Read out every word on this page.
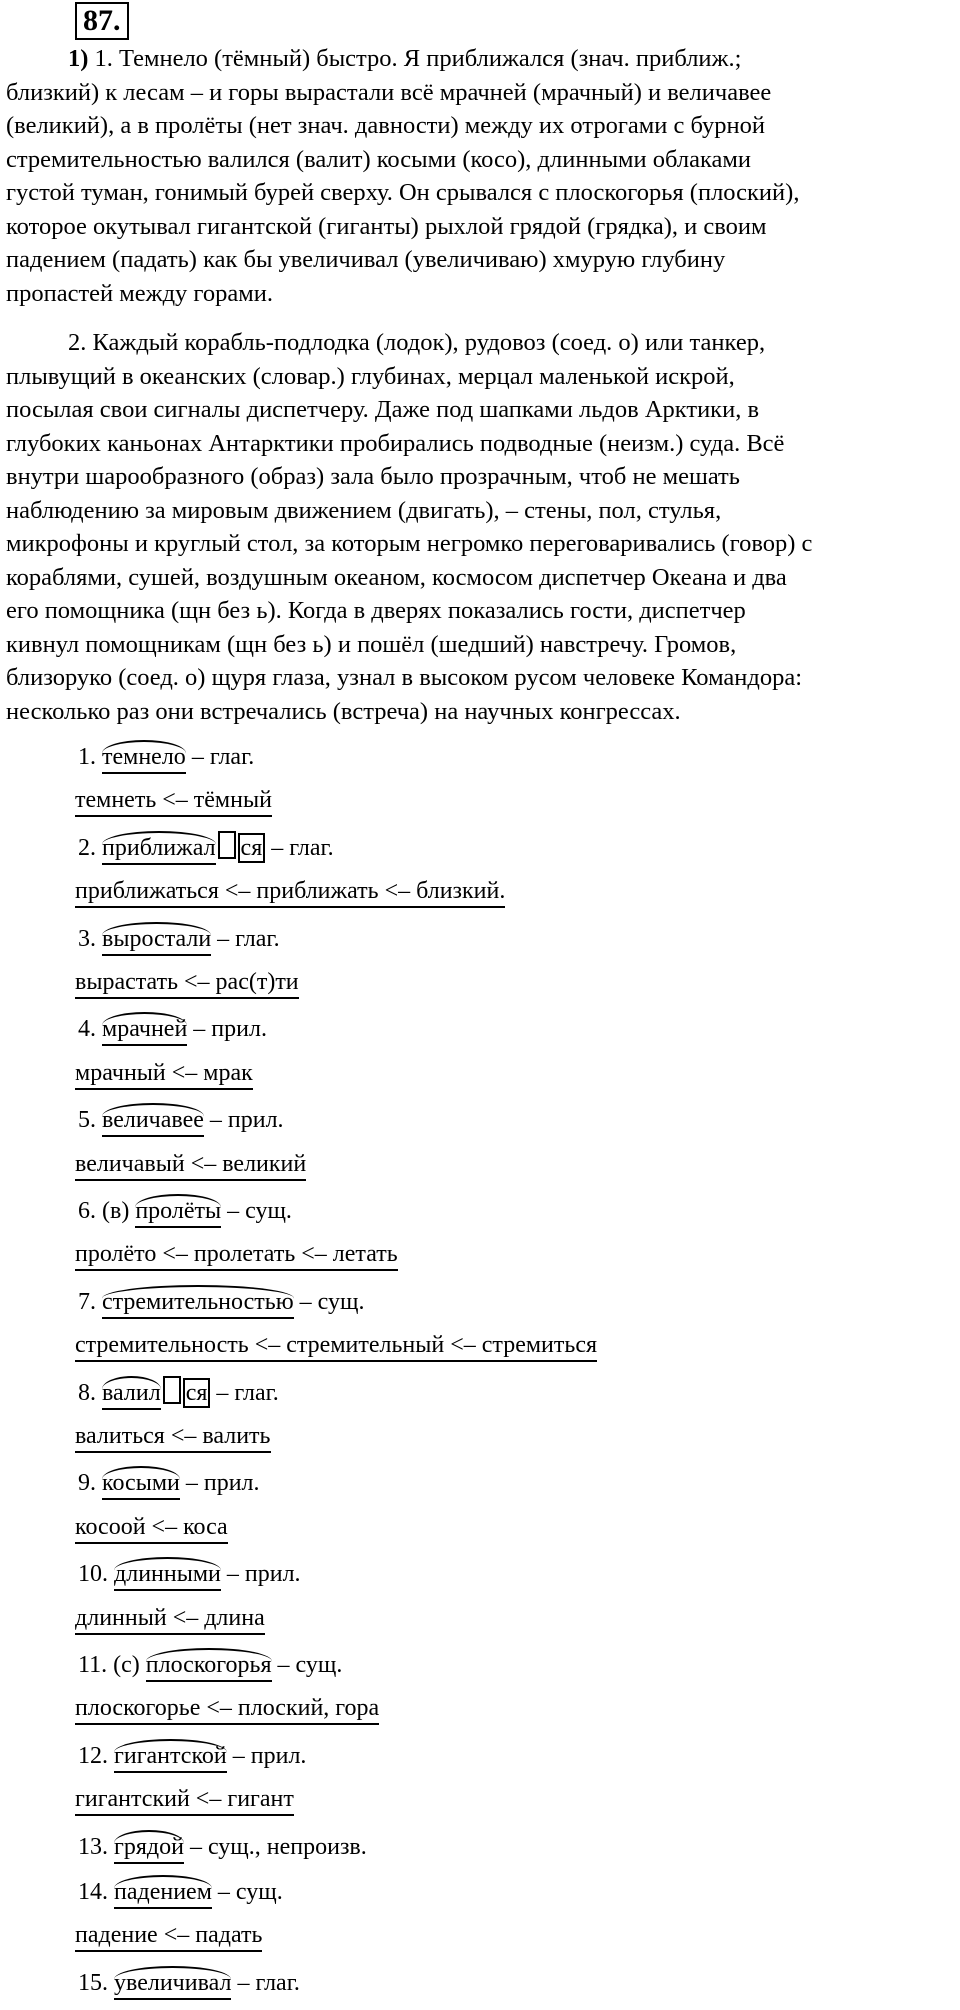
87.
1) 1. Темнело (тёмный) быстро. Я приближался (знач. приближ.;
близкий) к лесам – и горы вырастали всё мрачней (мрачный) и величавее
(великий), а в пролёты (нет знач. давности) между их отрогами с бурной
стремительностью валился (валит) косыми (косо), длинными облаками
густой туман, гонимый бурей сверху. Он срывался с плоскогорья (плоский),
которое окутывал гигантской (гиганты) рыхлой грядой (грядка), и своим
падением (падать) как бы увеличивал (увеличиваю) хмурую глубину
пропастей между горами.
2. Каждый корабль-подлодка (лодок), рудовоз (соед. о) или танкер,
плывущий в океанских (словар.) глубинах, мерцал маленькой искрой,
посылая свои сигналы диспетчеру. Даже под шапками льдов Арктики, в
глубоких каньонах Антарктики пробирались подводные (неизм.) суда. Всё
внутри шарообразного (образ) зала было прозрачным, чтоб не мешать
наблюдению за мировым движением (двигать), – стены, пол, стулья,
микрофоны и круглый стол, за которым негромко переговаривались (говор) с
кораблями, сушей, воздушным океаном, космосом диспетчер Океана и два
его помощника (щн без ь). Когда в дверях показались гости, диспетчер
кивнул помощникам (щн без ь) и пошёл (шедший) навстречу. Громов,
близоруко (соед. о) щуря глаза, узнал в высоком русом человеке Командора:
несколько раз они встречались (встреча) на научных конгрессах.
1. темнело – глаг.
темнеть <– тёмный
2. приближал ся – глаг.
приближаться <– приближать <– близкий.
3. выростали – глаг.
вырастать <– рас(т)ти
4. мрачней – прил.
мрачный <– мрак
5. величавее – прил.
величавый <– великий
6. (в) пролёты – сущ.
пролёто <– пролетать <– летать
7. стремительностью – сущ.
стремительность <– стремительный <– стремиться
8. валил ся – глаг.
валиться <– валить
9. косыми – прил.
косоой <– коса
10. длинными – прил.
длинный <– длина
11. (с) плоскогорья – сущ.
плоскогорье <– плоский, гора
12. гигантской – прил.
гигантский <– гигант
13. грядой – сущ., непроизв.
14. падением – сущ.
падение <– падать
15. увеличивал – глаг.
